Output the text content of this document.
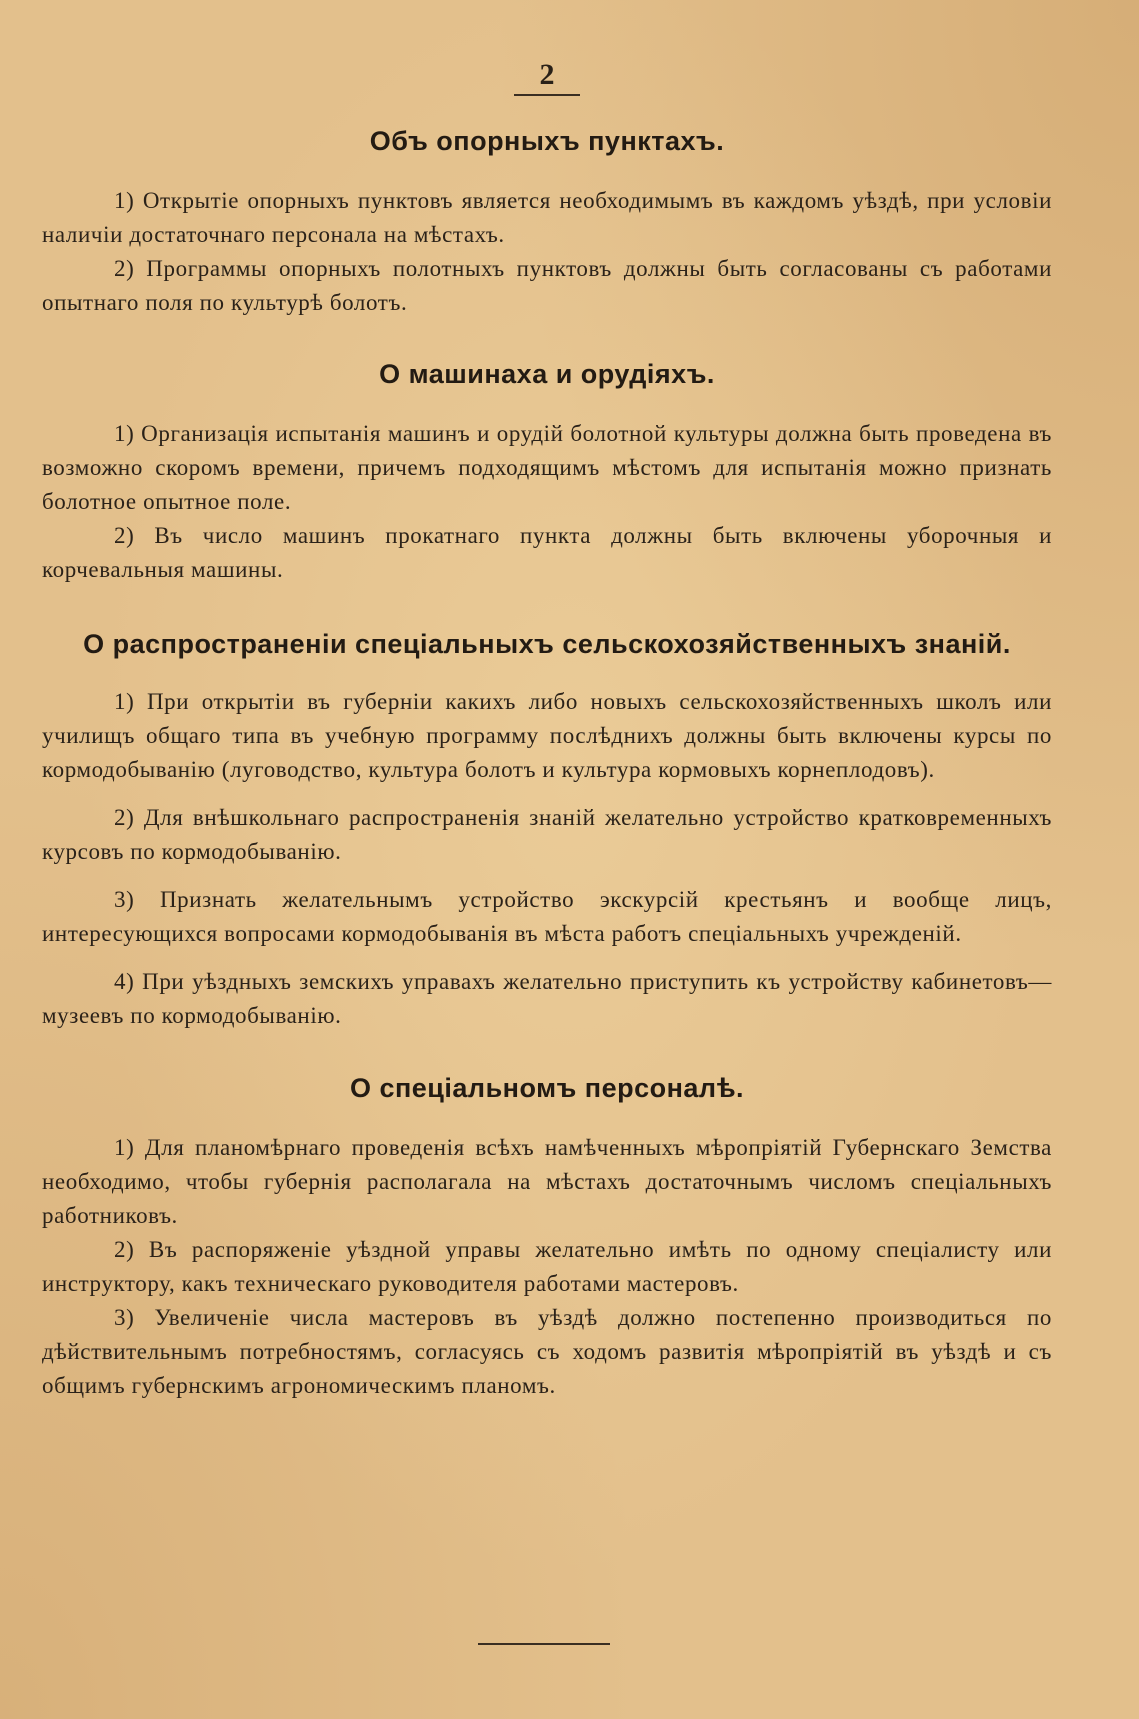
2
Объ опорныхъ пунктахъ.

1) Открытіе опорныхъ пунктовъ является необходимымъ въ каждомъ уѣздѣ, при условіи наличіи достаточнаго персонала на мѣстахъ.

2) Программы опорныхъ полотныхъ пунктовъ должны быть согласованы съ работами опытнаго поля по культурѣ болотъ.

О машинаха и орудіяхъ.

1) Организація испытанія машинъ и орудій болотной культуры должна быть проведена въ возможно скоромъ времени, причемъ подходящимъ мѣстомъ для испытанія можно признать болотное опытное поле.

2) Въ число машинъ прокатнаго пункта должны быть включены уборочныя и корчевальныя машины.

О распространеніи спеціальныхъ сельскохозяйственныхъ знаній.

1) При открытіи въ губерніи какихъ либо новыхъ сельскохозяйственныхъ школъ или училищъ общаго типа въ учебную программу послѣднихъ должны быть включены курсы по кормодобыванію (луговодство, культура болотъ и культура кормовыхъ корнеплодовъ).

2) Для внѣшкольнаго распространенія знаній желательно устройство кратковременныхъ курсовъ по кормодобыванію.

3) Признать желательнымъ устройство экскурсій крестьянъ и вообще лицъ, интересующихся вопросами кормодобыванія въ мѣста работъ спеціальныхъ учрежденій.

4) При уѣздныхъ земскихъ управахъ желательно приступить къ устройству кабинетовъ—музеевъ по кормодобыванію.

О спеціальномъ персоналѣ.

1) Для планомѣрнаго проведенія всѣхъ намѣченныхъ мѣропріятій Губернскаго Земства необходимо, чтобы губернія располагала на мѣстахъ достаточнымъ числомъ спеціальныхъ работниковъ.

2) Въ распоряженіе уѣздной управы желательно имѣть по одному спеціалисту или инструктору, какъ техническаго руководителя работами мастеровъ.

3) Увеличеніе числа мастеровъ въ уѣздѣ должно постепенно производиться по дѣйствительнымъ потребностямъ, согласуясь съ ходомъ развитія мѣропріятій въ уѣздѣ и съ общимъ губернскимъ агрономическимъ планомъ.
